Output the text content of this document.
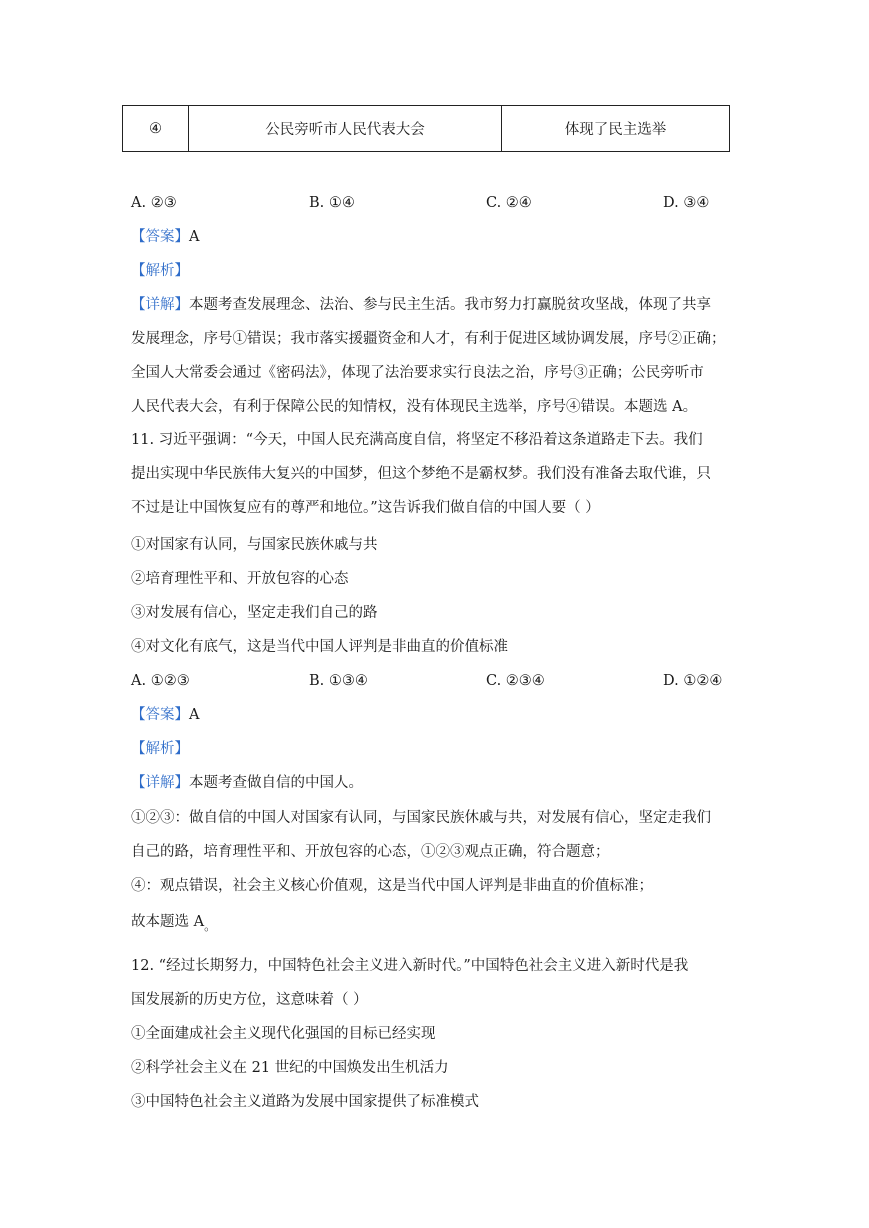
④	公民旁听市人民代表大会	体现了民主选举
A. ②③	B. ①④	C. ②④	D. ③④
【答案】A
【解析】
【详解】本题考查发展理念、法治、参与民主生活。我市努力打赢脱贫攻坚战，体现了共享
发展理念，序号①错误；我市落实援疆资金和人才，有利于促进区域协调发展，序号②正确；
全国人大常委会通过《密码法》，体现了法治要求实行良法之治，序号③正确；公民旁听市
人民代表大会，有利于保障公民的知情权，没有体现民主选举，序号④错误。本题选 A。
11. 习近平强调：“今天，中国人民充满高度自信，将坚定不移沿着这条道路走下去。我们
提出实现中华民族伟大复兴的中国梦，但这个梦绝不是霸权梦。我们没有准备去取代谁，只
不过是让中国恢复应有的尊严和地位。”这告诉我们做自信的中国人要（ ）
①对国家有认同，与国家民族休戚与共
②培育理性平和、开放包容的心态
③对发展有信心，坚定走我们自己的路
④对文化有底气，这是当代中国人评判是非曲直的价值标准
A. ①②③	B. ①③④	C. ②③④	D. ①②④
【答案】A
【解析】
【详解】本题考查做自信的中国人。
①②③：做自信的中国人对国家有认同，与国家民族休戚与共，对发展有信心，坚定走我们
自己的路，培育理性平和、开放包容的心态，①②③观点正确，符合题意；
④：观点错误，社会主义核心价值观，这是当代中国人评判是非曲直的价值标准；
故本题选 $A_。$
12. “经过长期努力，中国特色社会主义进入新时代。”中国特色社会主义进入新时代是我
国发展新的历史方位，这意味着（ ）
①全面建成社会主义现代化强国的目标已经实现
②科学社会主义在 21 世纪的中国焕发出生机活力
③中国特色社会主义道路为发展中国家提供了标准模式
